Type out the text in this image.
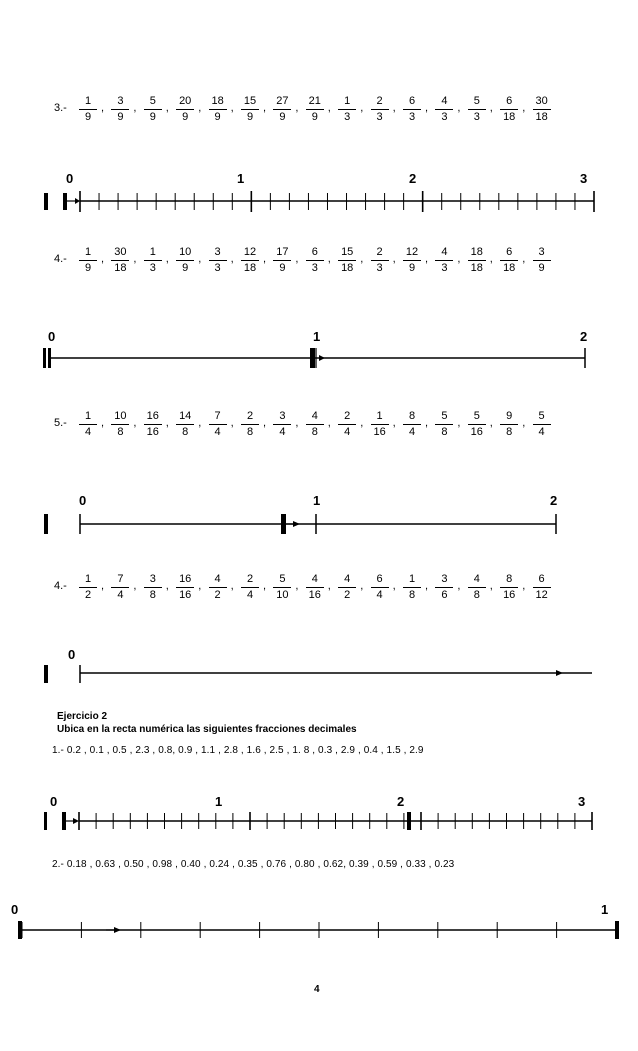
3.-
1
9
,
3
9
,
5
9
,
20
9
,
18
9
,
15
9
,
27
9
,
21
9
,
1
3
,
2
3
,
6
3
,
4
3
,
5
3
,
6
18
,
30
18
4.-
1
9
,
30
18
,
1
3
,
10
9
,
3
3
,
12
18
,
17
9
,
6
3
,
15
18
,
2
3
,
12
9
,
4
3
,
18
18
,
6
18
,
3
9
5.-
1
4
,
10
8
,
16
16
,
14
8
,
7
4
,
2
8
,
3
4
,
4
8
,
2
4
,
1
16
,
8
4
,
5
8
,
5
16
,
9
8
,
5
4
4.-
1
2
,
7
4
,
3
8
,
16
16
,
4
2
,
2
4
,
5
10
,
4
16
,
4
2
,
6
4
,
1
8
,
3
6
,
4
8
,
8
16
,
6
12
0	1	2	3
0	1	2
0	1	2
0
Ejercicio 2
Ubica en la recta numérica las siguientes fracciones decimales
1.- 0.2 , 0.1 , 0.5 , 2.3 , 0.8, 0.9 , 1.1 , 2.8 , 1.6 , 2.5 , 1. 8 , 0.3 , 2.9 , 0.4 , 1.5 , 2.9
0	1	2	3
2.- 0.18 , 0.63 , 0.50 , 0.98 , 0.40 , 0.24 , 0.35 , 0.76 , 0.80 , 0.62, 0.39 , 0.59 , 0.33 , 0.23
0	1
4
